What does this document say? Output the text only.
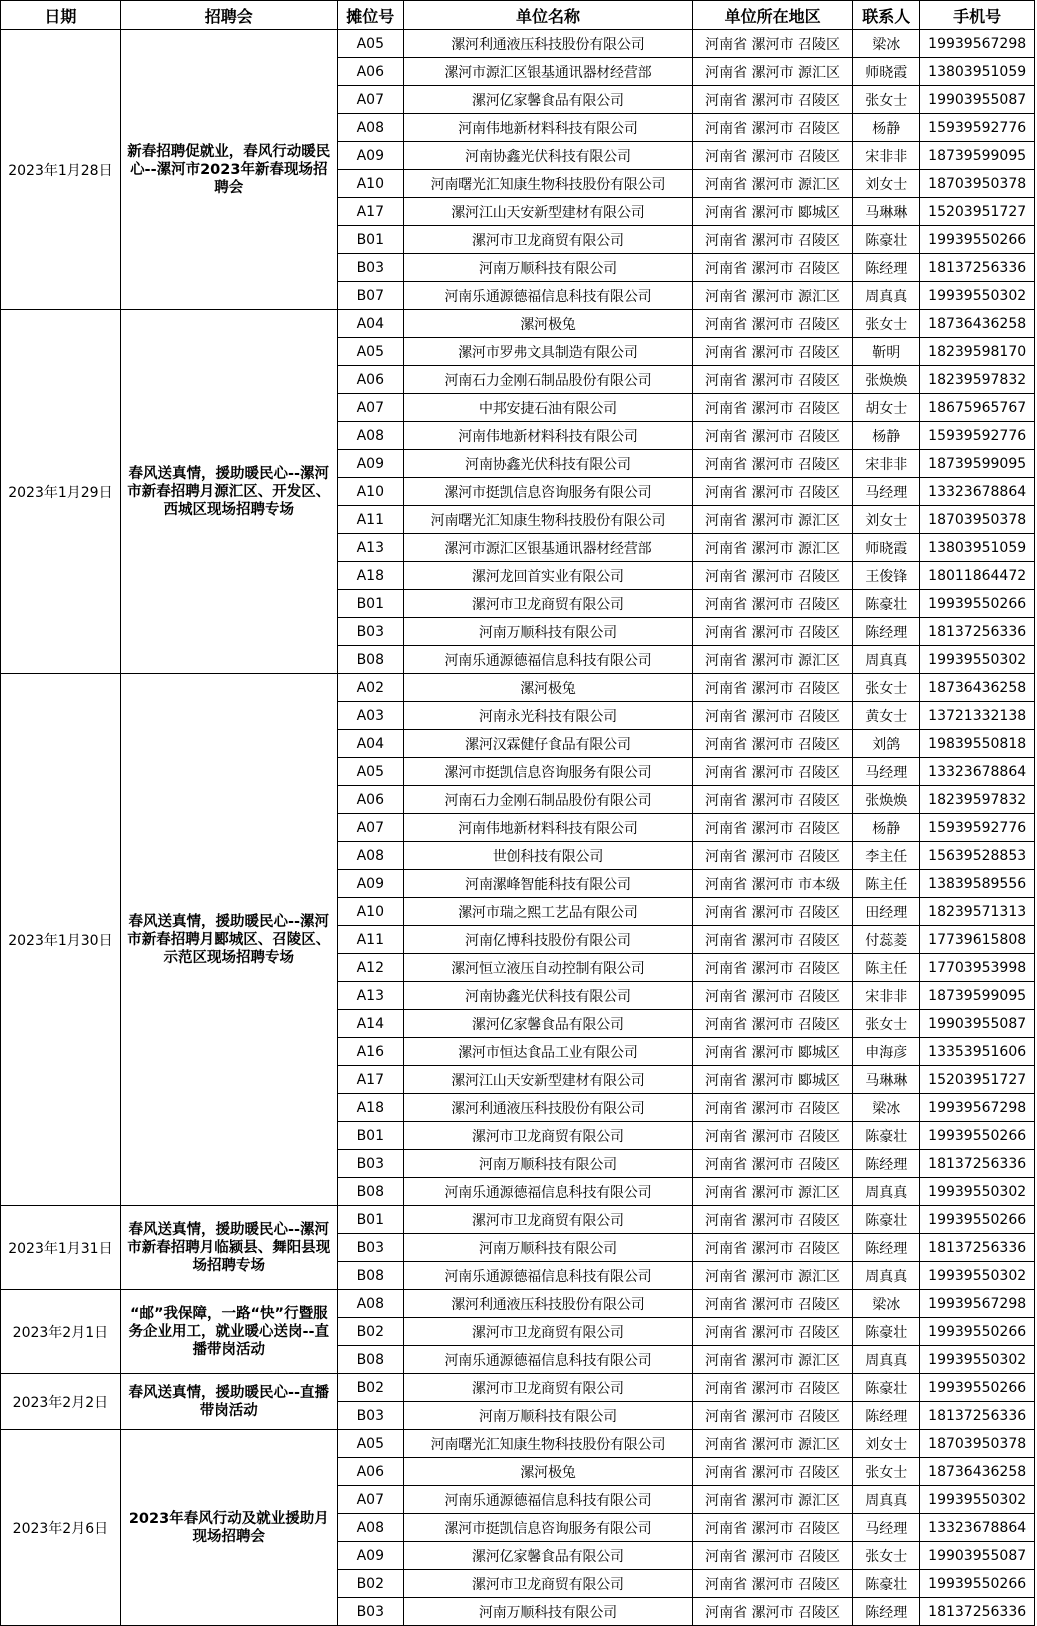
日期	招聘会	摊位号	单位名称	单位所在地区	联系人	手机号
2023年1月28日	新春招聘促就业，春风行动暖民心--漯河市2023年新春现场招聘会	A05	漯河利通液压科技股份有限公司	河南省 漯河市 召陵区	梁冰	19939567298
		A06	漯河市源汇区银基通讯器材经营部	河南省 漯河市 源汇区	师晓霞	13803951059
		A07	漯河亿家馨食品有限公司	河南省 漯河市 召陵区	张女士	19903955087
		A08	河南伟地新材料科技有限公司	河南省 漯河市 召陵区	杨静	15939592776
		A09	河南协鑫光伏科技有限公司	河南省 漯河市 召陵区	宋非非	18739599095
		A10	河南曙光汇知康生物科技股份有限公司	河南省 漯河市 源汇区	刘女士	18703950378
		A17	漯河江山天安新型建材有限公司	河南省 漯河市 郾城区	马琳琳	15203951727
		B01	漯河市卫龙商贸有限公司	河南省 漯河市 召陵区	陈豪壮	19939550266
		B03	河南万顺科技有限公司	河南省 漯河市 召陵区	陈经理	18137256336
		B07	河南乐通源德福信息科技有限公司	河南省 漯河市 源汇区	周真真	19939550302
2023年1月29日	春风送真情，援助暖民心--漯河市新春招聘月源汇区、开发区、西城区现场招聘专场	A04	漯河极兔	河南省 漯河市 召陵区	张女士	18736436258
		A05	漯河市罗弗文具制造有限公司	河南省 漯河市 召陵区	靳明	18239598170
		A06	河南石力金刚石制品股份有限公司	河南省 漯河市 召陵区	张焕焕	18239597832
		A07	中邦安捷石油有限公司	河南省 漯河市 召陵区	胡女士	18675965767
		A08	河南伟地新材料科技有限公司	河南省 漯河市 召陵区	杨静	15939592776
		A09	河南协鑫光伏科技有限公司	河南省 漯河市 召陵区	宋非非	18739599095
		A10	漯河市挺凯信息咨询服务有限公司	河南省 漯河市 召陵区	马经理	13323678864
		A11	河南曙光汇知康生物科技股份有限公司	河南省 漯河市 源汇区	刘女士	18703950378
		A13	漯河市源汇区银基通讯器材经营部	河南省 漯河市 源汇区	师晓霞	13803951059
		A18	漯河龙回首实业有限公司	河南省 漯河市 召陵区	王俊锋	18011864472
		B01	漯河市卫龙商贸有限公司	河南省 漯河市 召陵区	陈豪壮	19939550266
		B03	河南万顺科技有限公司	河南省 漯河市 召陵区	陈经理	18137256336
		B08	河南乐通源德福信息科技有限公司	河南省 漯河市 源汇区	周真真	19939550302
2023年1月30日	春风送真情，援助暖民心--漯河市新春招聘月郾城区、召陵区、示范区现场招聘专场	A02	漯河极兔	河南省 漯河市 召陵区	张女士	18736436258
		A03	河南永光科技有限公司	河南省 漯河市 召陵区	黄女士	13721332138
		A04	漯河汉霖健仔食品有限公司	河南省 漯河市 召陵区	刘鸽	19839550818
		A05	漯河市挺凯信息咨询服务有限公司	河南省 漯河市 召陵区	马经理	13323678864
		A06	河南石力金刚石制品股份有限公司	河南省 漯河市 召陵区	张焕焕	18239597832
		A07	河南伟地新材料科技有限公司	河南省 漯河市 召陵区	杨静	15939592776
		A08	世创科技有限公司	河南省 漯河市 召陵区	李主任	15639528853
		A09	河南漯峰智能科技有限公司	河南省 漯河市 市本级	陈主任	13839589556
		A10	漯河市瑞之熙工艺品有限公司	河南省 漯河市 召陵区	田经理	18239571313
		A11	河南亿博科技股份有限公司	河南省 漯河市 召陵区	付蕊菱	17739615808
		A12	漯河恒立液压自动控制有限公司	河南省 漯河市 召陵区	陈主任	17703953998
		A13	河南协鑫光伏科技有限公司	河南省 漯河市 召陵区	宋非非	18739599095
		A14	漯河亿家馨食品有限公司	河南省 漯河市 召陵区	张女士	19903955087
		A16	漯河市恒达食品工业有限公司	河南省 漯河市 郾城区	申海彦	13353951606
		A17	漯河江山天安新型建材有限公司	河南省 漯河市 郾城区	马琳琳	15203951727
		A18	漯河利通液压科技股份有限公司	河南省 漯河市 召陵区	梁冰	19939567298
		B01	漯河市卫龙商贸有限公司	河南省 漯河市 召陵区	陈豪壮	19939550266
		B03	河南万顺科技有限公司	河南省 漯河市 召陵区	陈经理	18137256336
		B08	河南乐通源德福信息科技有限公司	河南省 漯河市 源汇区	周真真	19939550302
2023年1月31日	春风送真情，援助暖民心--漯河市新春招聘月临颍县、舞阳县现场招聘专场	B01	漯河市卫龙商贸有限公司	河南省 漯河市 召陵区	陈豪壮	19939550266
		B03	河南万顺科技有限公司	河南省 漯河市 召陵区	陈经理	18137256336
		B08	河南乐通源德福信息科技有限公司	河南省 漯河市 源汇区	周真真	19939550302
2023年2月1日	“邮”我保障，一路“快”行暨服务企业用工，就业暖心送岗--直播带岗活动	A08	漯河利通液压科技股份有限公司	河南省 漯河市 召陵区	梁冰	19939567298
		B02	漯河市卫龙商贸有限公司	河南省 漯河市 召陵区	陈豪壮	19939550266
		B08	河南乐通源德福信息科技有限公司	河南省 漯河市 源汇区	周真真	19939550302
2023年2月2日	春风送真情，援助暖民心--直播带岗活动	B02	漯河市卫龙商贸有限公司	河南省 漯河市 召陵区	陈豪壮	19939550266
		B03	河南万顺科技有限公司	河南省 漯河市 召陵区	陈经理	18137256336
2023年2月6日	2023年春风行动及就业援助月现场招聘会	A05	河南曙光汇知康生物科技股份有限公司	河南省 漯河市 源汇区	刘女士	18703950378
		A06	漯河极兔	河南省 漯河市 召陵区	张女士	18736436258
		A07	河南乐通源德福信息科技有限公司	河南省 漯河市 源汇区	周真真	19939550302
		A08	漯河市挺凯信息咨询服务有限公司	河南省 漯河市 召陵区	马经理	13323678864
		A09	漯河亿家馨食品有限公司	河南省 漯河市 召陵区	张女士	19903955087
		B02	漯河市卫龙商贸有限公司	河南省 漯河市 召陵区	陈豪壮	19939550266
		B03	河南万顺科技有限公司	河南省 漯河市 召陵区	陈经理	18137256336
